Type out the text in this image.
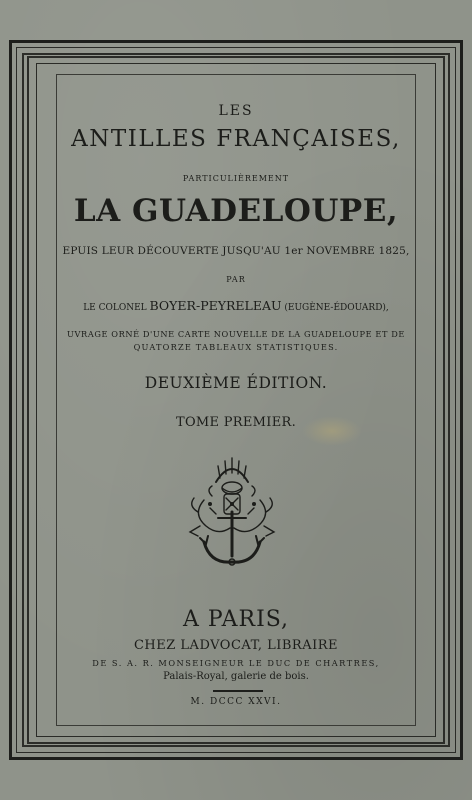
LES
ANTILLES FRANÇAISES,
PARTICULIÈREMENT
LA GUADELOUPE,
EPUIS LEUR DÉCOUVERTE JUSQU'AU 1er NOVEMBRE 1825,
PAR
LE COLONEL BOYER-PEYRELEAU (EUGÈNE-ÉDOUARD),
UVRAGE ORNÉ D'UNE CARTE NOUVELLE DE LA GUADELOUPE ET DE
QUATORZE TABLEAUX STATISTIQUES.
DEUXIÈME ÉDITION.
TOME PREMIER.
A PARIS,
CHEZ LADVOCAT, LIBRAIRE
DE S. A. R. MONSEIGNEUR LE DUC DE CHARTRES,
Palais-Royal, galerie de bois.
M. DCCC XXVI.
